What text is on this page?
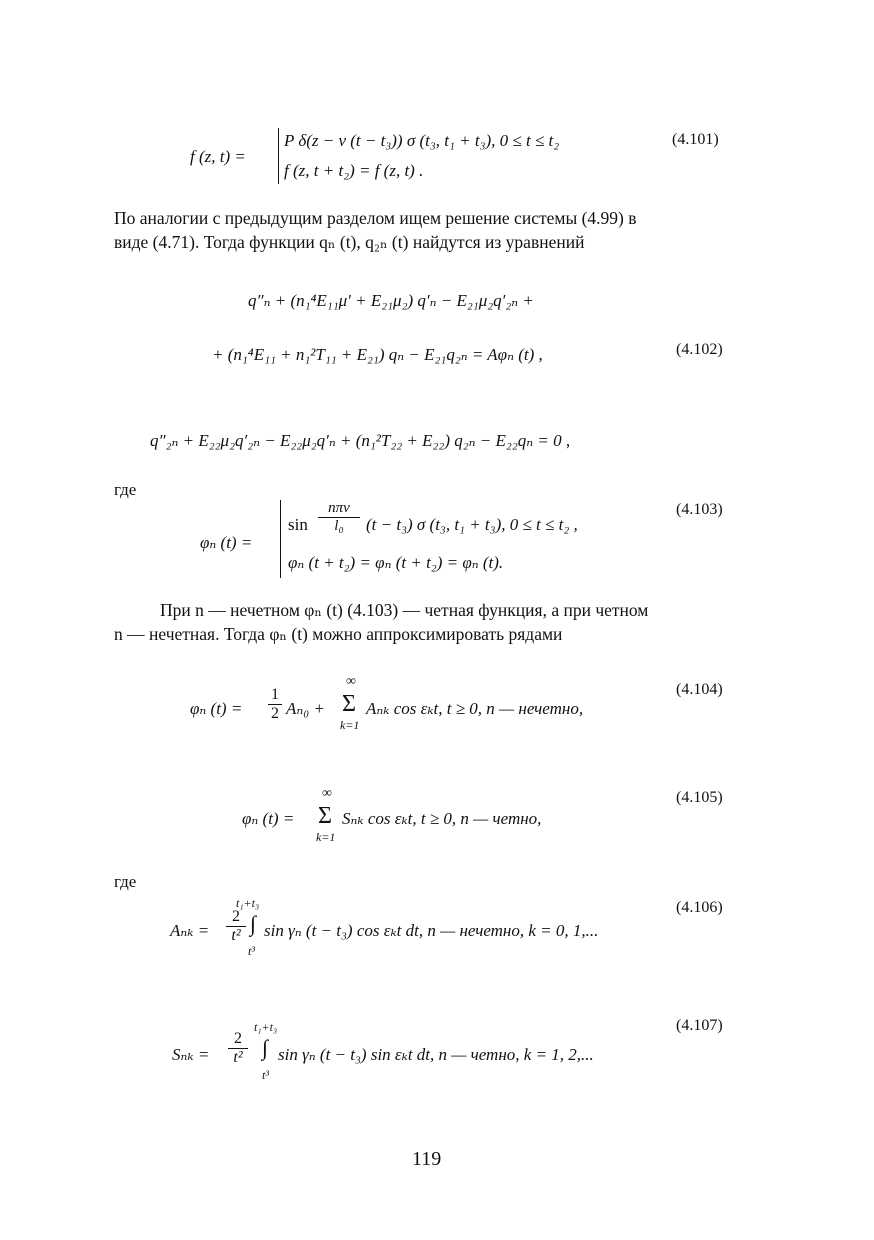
f (z, t) =
P δ(z − v (t − t₃)) σ (t₃, t₁ + t₃), 0 ≤ t ≤ t₂
f (z, t + t₂) = f (z, t) .
(4.101)
По аналогии с предыдущим разделом ищем решение системы (4.99) в
виде (4.71). Тогда функции qₙ (t), q₂ₙ (t) найдутся из уравнений
q″ₙ + (n₁⁴E₁₁μ′ + E₂₁μ₂) q′ₙ − E₂₁μ₂q′₂ₙ +
+ (n₁⁴E₁₁ + n₁²T₁₁ + E₂₁) qₙ − E₂₁q₂ₙ = Aφₙ (t) ,	(4.102)
q″₂ₙ + E₂₂μ₂q′₂ₙ − E₂₂μ₂q′ₙ + (n₁²T₂₂ + E₂₂) q₂ₙ − E₂₂qₙ = 0 ,
где
φₙ (t) =
sin
nπv
l₀	(t − t₃) σ (t₃, t₁ + t₃), 0 ≤ t ≤ t₂ ,
φₙ (t + t₂) = φₙ (t + t₂) = φₙ (t).
(4.103)
При n — нечетном φₙ (t) (4.103) — четная функция, а при четном
n — нечетная. Тогда φₙ (t) можно аппроксимировать рядами
φₙ $(t) = \frac{1}{2} A_{n0}$ +
∞
Σ
k=1
Aₙₖ cos εₖt, t ≥ 0, n — нечетно,
(4.104)
φₙ (t) =
∞
Σ
k=1
Sₙₖ cos εₖt, t ≥ 0, n — четно,
(4.105)
где
$A_{nk} = \frac{2}{\text{t²}}$
t₁+t₃
∫
t³
sin γₙ (t − t₃) cos εₖt dt, n — нечетно, k = 0, 1,...
(4.106)
$S_{nk} = \frac{2}{\text{t²}}$
t₁+t₃
∫
t³
sin γₙ (t − t₃) sin εₖt dt, n — четно, k = 1, 2,...
(4.107)
119
